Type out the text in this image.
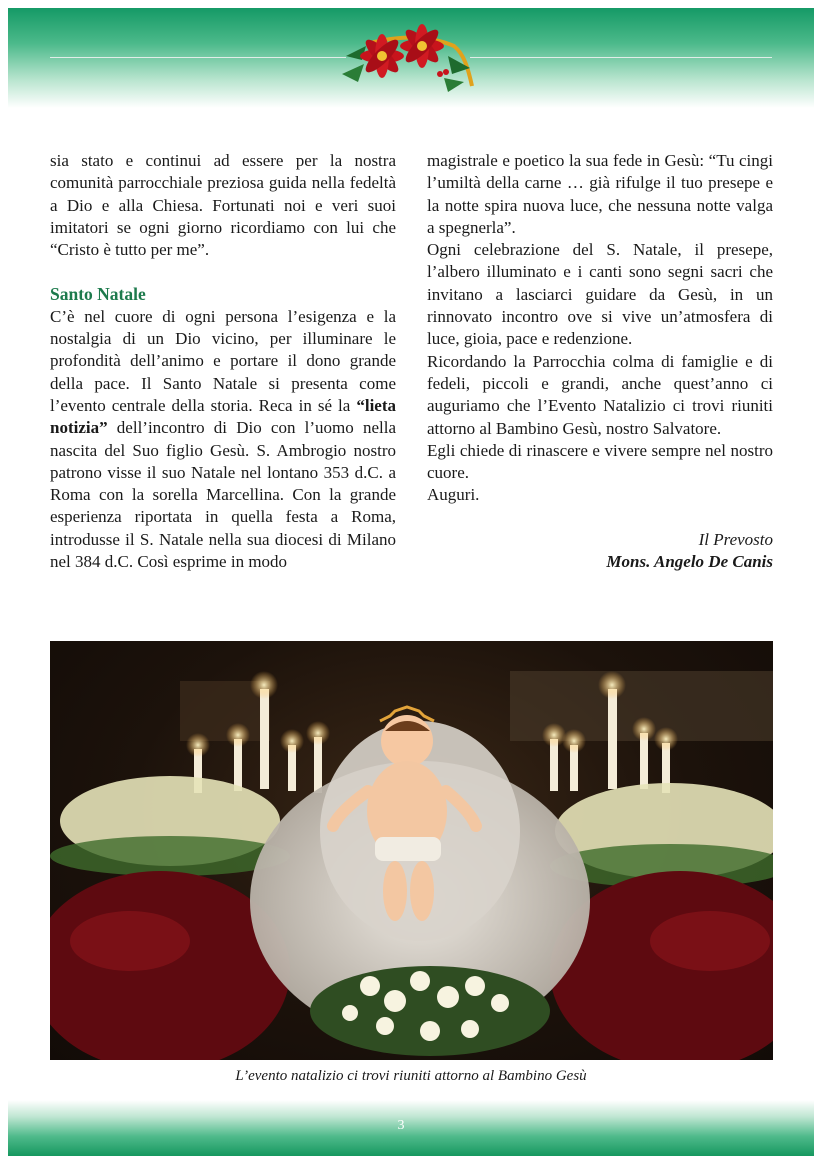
sia stato e continui ad essere per la nostra comunità parrocchiale preziosa guida nella fedeltà a Dio e alla Chiesa. Fortunati noi e veri suoi imitatori se ogni giorno ricordiamo con lui che “Cristo è tutto per me”.

Santo Natale

C’è nel cuore di ogni persona l’esigenza e la nostalgia di un Dio vicino, per illuminare le profondità dell’animo e portare il dono grande della pace. Il Santo Natale si presenta come l’evento centrale della storia. Reca in sé la “lieta notizia” dell’incontro di Dio con l’uomo nella nascita del Suo figlio Gesù. S. Ambrogio nostro patrono visse il suo Natale nel lontano 353 d.C. a Roma con la sorella Marcellina. Con la grande esperienza riportata in quella festa a Roma, introdusse il S. Natale nella sua diocesi di Milano nel 384 d.C. Così esprime in modo

magistrale e poetico la sua fede in Gesù: “Tu cingi l’umiltà della carne … già rifulge il tuo presepe e la notte spira nuova luce, che nessuna notte valga a spegnerla”.

Ogni celebrazione del S. Natale, il presepe, l’albero illuminato e i canti sono segni sacri che invitano a lasciarci guidare da Gesù, in un rinnovato incontro ove si vive un’atmosfera di luce, gioia, pace e redenzione.

Ricordando la Parrocchia colma di famiglie e di fedeli, piccoli e grandi, anche quest’anno ci auguriamo che l’Evento Natalizio ci trovi riuniti attorno al Bambino Gesù, nostro Salvatore.

Egli chiede di rinascere e vivere sempre nel nostro cuore.

Auguri.

Il Prevosto
Mons. Angelo De Canis
L’evento natalizio ci trovi riuniti attorno al Bambino Gesù
3
